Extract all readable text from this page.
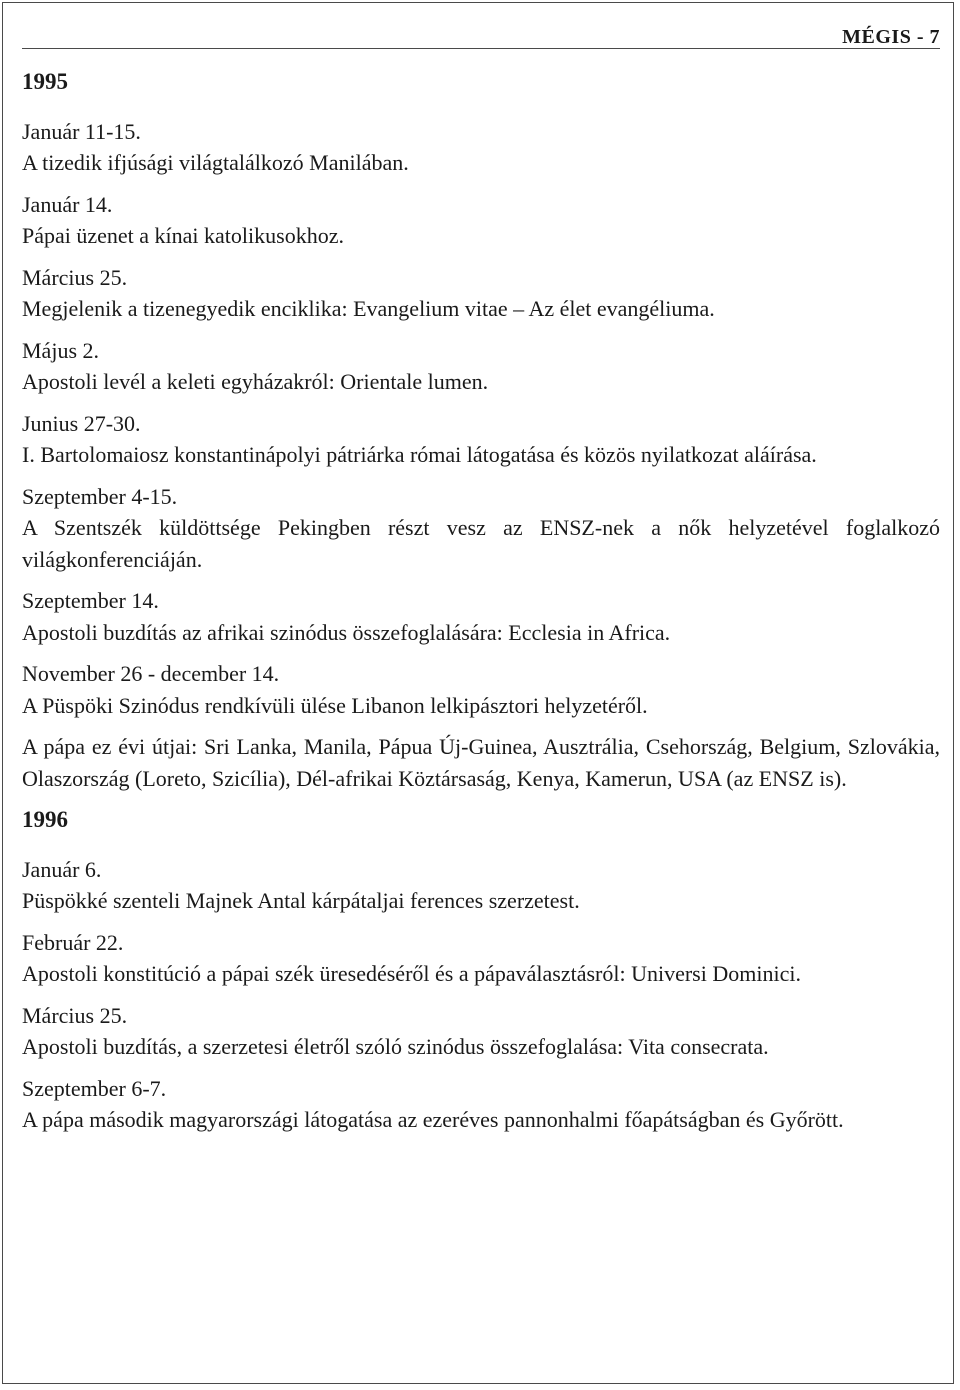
MÉGIS - 7
1995
Január 11-15.
A tizedik ifjúsági világtalálkozó Manilában.
Január 14.
Pápai üzenet a kínai katolikusokhoz.
Március 25.
Megjelenik a tizenegyedik enciklika: Evangelium vitae – Az élet evangéliuma.
Május 2.
Apostoli levél a keleti egyházakról: Orientale lumen.
Junius 27-30.
I. Bartolomaiosz konstantinápolyi pátriárka római látogatása és közös nyilatkozat aláírása.
Szeptember 4-15.
A Szentszék küldöttsége Pekingben részt vesz az ENSZ-nek a nők helyzetével foglalkozó világkonferenciáján.
Szeptember 14.
Apostoli buzdítás az afrikai szinódus összefoglalására: Ecclesia in Africa.
November 26 - december 14.
A Püspöki Szinódus rendkívüli ülése Libanon lelkipásztori helyzetéről.
A pápa ez évi útjai: Sri Lanka, Manila, Pápua Új-Guinea, Ausztrália, Csehország, Belgium, Szlovákia, Olaszország (Loreto, Szicília), Dél-afrikai Köztársaság, Kenya, Kamerun, USA (az ENSZ is).
1996
Január 6.
Püspökké szenteli Majnek Antal kárpátaljai ferences szerzetest.
Február 22.
Apostoli konstitúció a pápai szék üresedéséről és a pápaválasztásról: Universi Dominici.
Március 25.
Apostoli buzdítás, a szerzetesi életről szóló szinódus összefoglalása: Vita consecrata.
Szeptember 6-7.
A pápa második magyarországi látogatása az ezeréves pannonhalmi főapátságban és Győrött.
